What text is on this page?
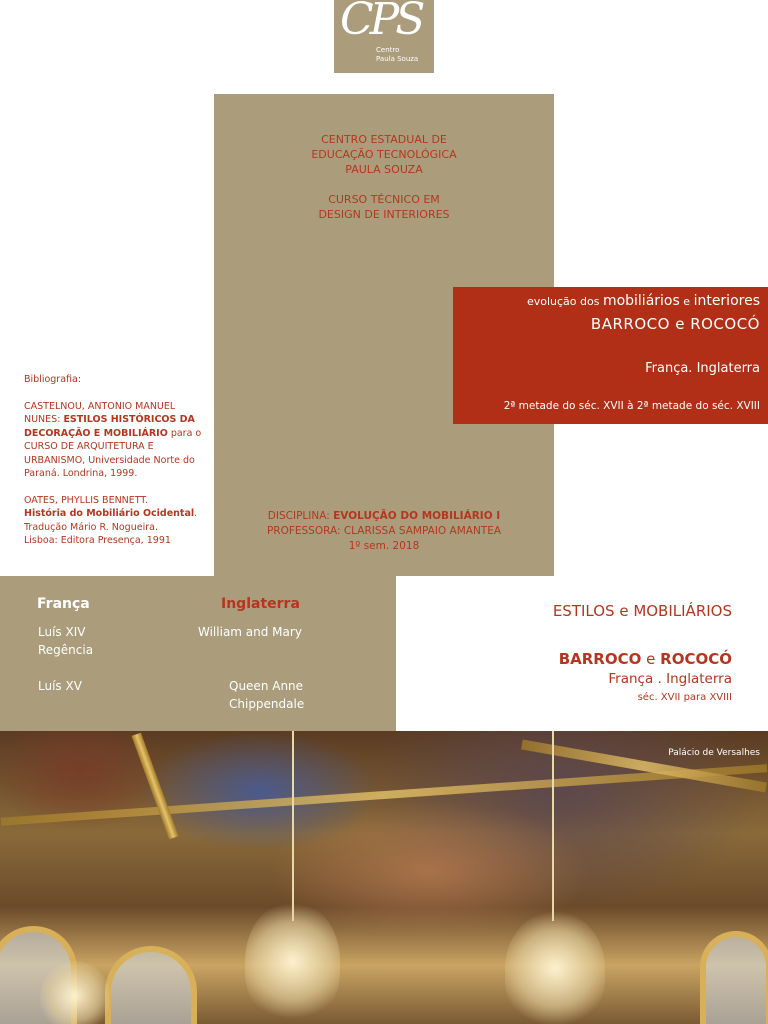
CPS
Centro
Paula Souza
CENTRO ESTADUAL DE
EDUCAÇÃO TECNOLÓGICA
PAULA SOUZA
CURSO TÉCNICO EM
DESIGN DE INTERIORES
DISCIPLINA: EVOLUÇÃO DO MOBILIÁRIO I
PROFESSORA: CLARISSA SAMPAIO AMANTEA
1º sem. 2018
evolução dos mobiliários e interiores
BARROCO e ROCOCÓ
França. Inglaterra
2ª metade do séc. XVII à 2ª metade do séc. XVIII
Bibliografia:
CASTELNOU, ANTONIO MANUEL NUNES: ESTILOS HISTÓRICOS DA DECORAÇÃO E MOBILIÁRIO para o CURSO DE ARQUITETURA E URBANISMO, Universidade Norte do Paraná. Londrina, 1999.
OATES, PHYLLIS BENNETT.
História do Mobiliário Ocidental.
Tradução Mário R. Nogueira.
Lisboa: Editora Presença, 1991
França	Inglaterra
Luís XIV
Regência
Luís XV
William and Mary
Queen Anne
Chippendale
ESTILOS e MOBILIÁRIOS
BARROCO e ROCOCÓ
França . Inglaterra
séc. XVII para XVIII
Palácio de Versalhes
